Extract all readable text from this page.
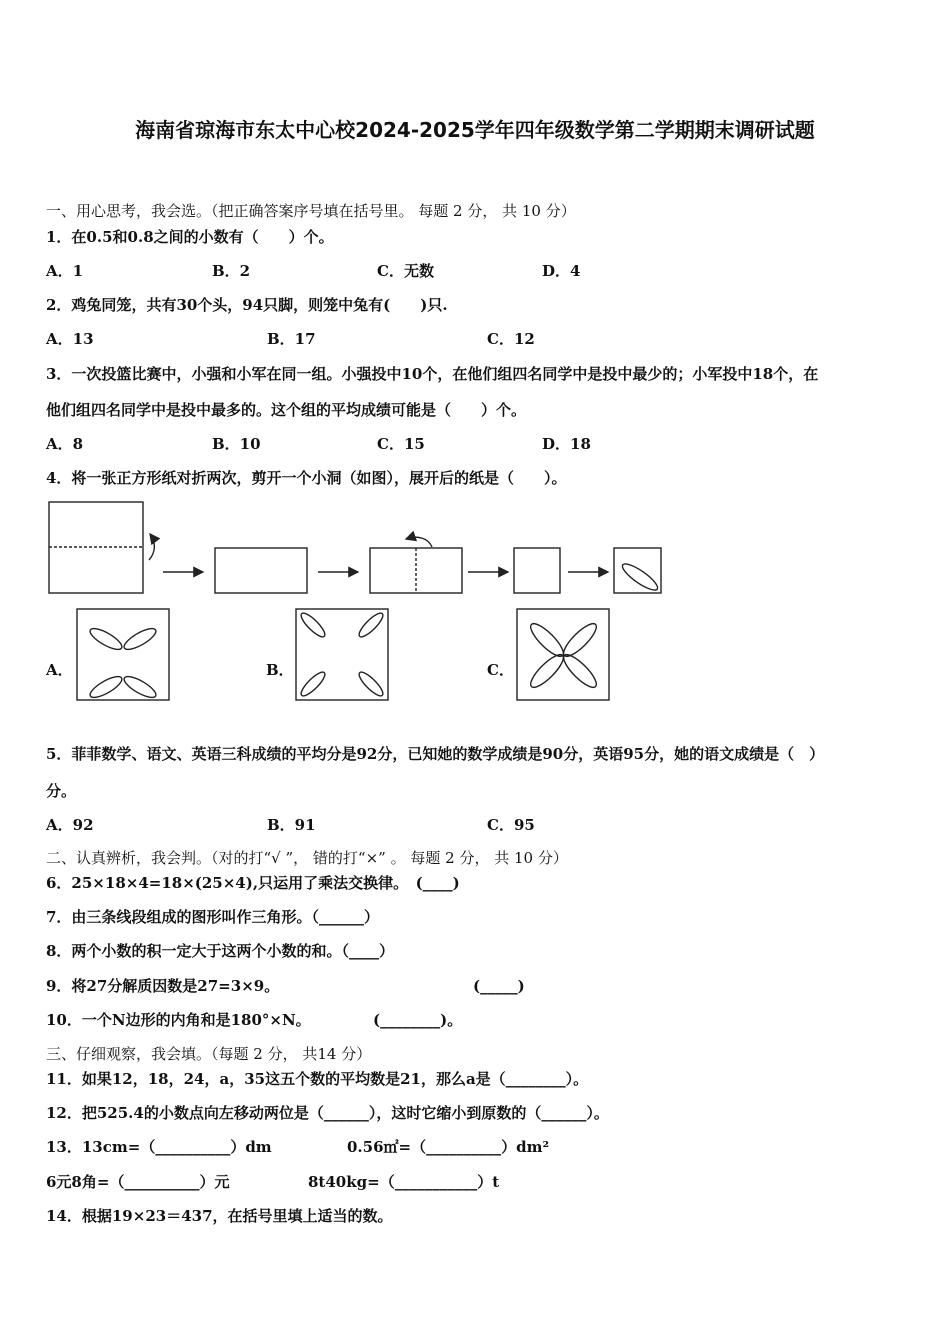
海南省琼海市东太中心校2024-2025学年四年级数学第二学期期末调研试题
一、用心思考，我会选。（把正确答案序号填在括号里。 每题 2 分， 共 10 分）
1．在0.5和0.8之间的小数有（　　）个。
A．1	B．2	C．无数	D．4
2．鸡兔同笼，共有30个头，94只脚，则笼中兔有(　　)只.
A．13	B．17	C．12
3．一次投篮比赛中，小强和小军在同一组。小强投中10个，在他们组四名同学中是投中最少的；小军投中18个，在
他们组四名同学中是投中最多的。这个组的平均成绩可能是（　　）个。
A．8	B．10	C．15	D．18
4．将一张正方形纸对折两次，剪开一个小洞（如图），展开后的纸是（　　）。
A．	B．	C．
5．菲菲数学、语文、英语三科成绩的平均分是92分，已知她的数学成绩是90分，英语95分，她的语文成绩是（　）
分。
A．92	B．91	C．95
二、认真辨析，我会判。（对的打“√ ”， 错的打“×” 。 每题 2 分， 共 10 分）
6．25×18×4=18×(25×4),只运用了乘法交换律。　(____)
7．由三条线段组成的图形叫作三角形。（______）
8．两个小数的积一定大于这两个小数的和。（____）
9．将27分解质因数是27=3×9。	(_____)
10．一个N边形的内角和是180°×N。	(________)。
三、仔细观察，我会填。（每题 2 分， 共14 分）
11．如果12，18，24，a，35这五个数的平均数是21，那么a是（________）。
12．把525.4的小数点向左移动两位是（______），这时它缩小到原数的（______）。
13．13cm=（__________）dm	0.56㎡=（__________）dm²
6元8角=（__________）元	8t40kg=（___________）t
14．根据19×23＝437，在括号里填上适当的数。
